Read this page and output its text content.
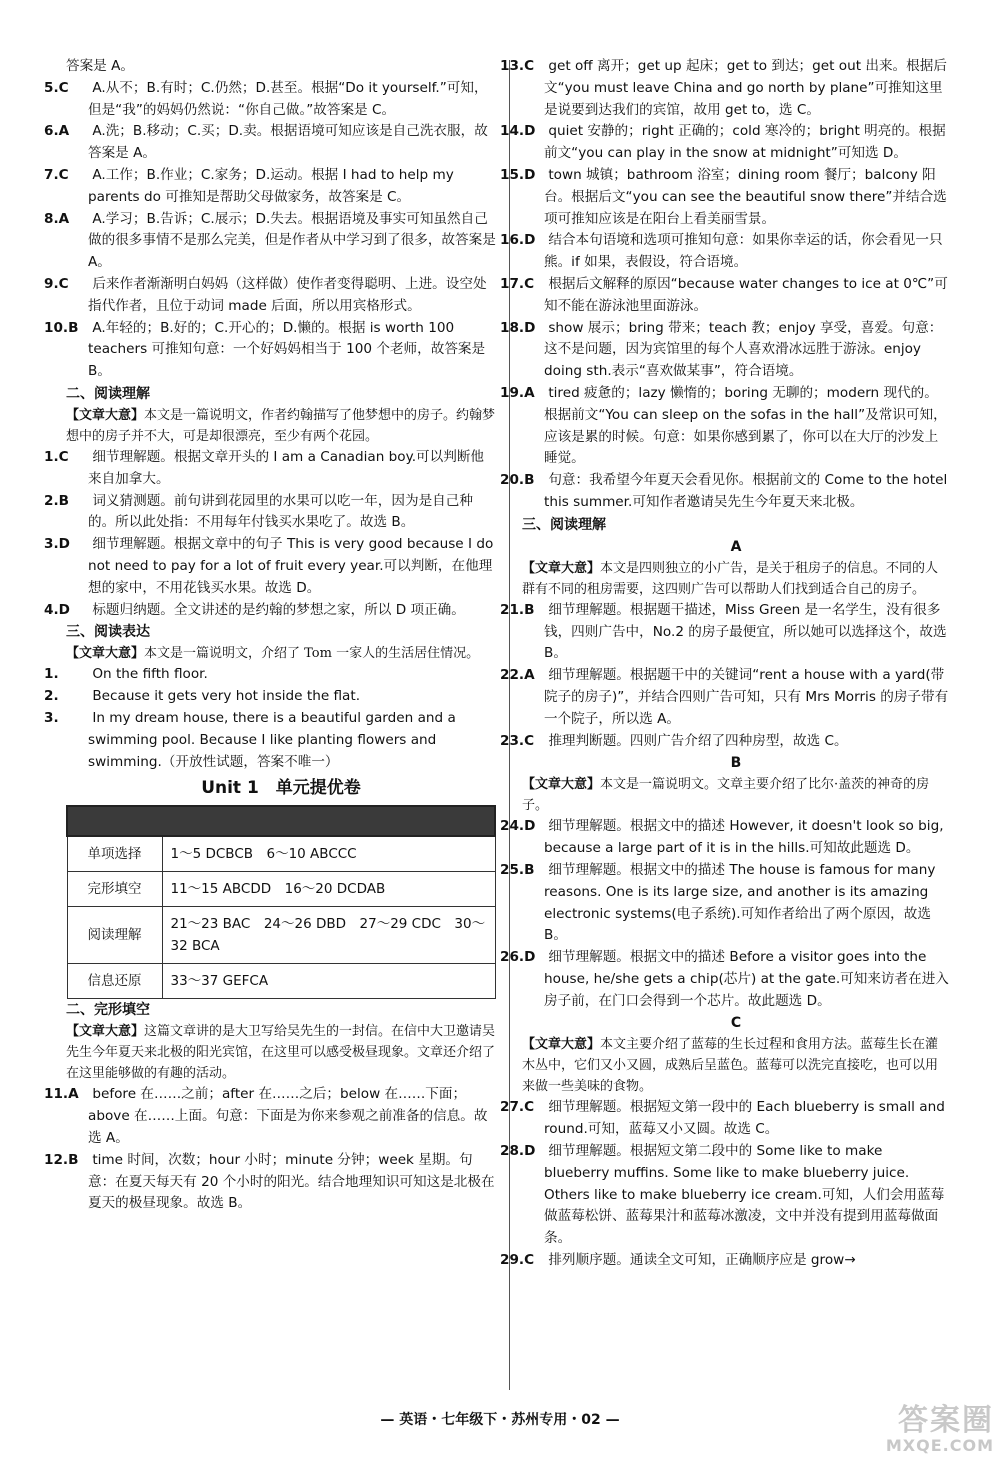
答案是 A。

5.C A.从不；B.有时；C.仍然；D.甚至。根据“Do it yourself.”可知，但是“我”的妈妈仍然说：“你自己做。”故答案是 C。

6.A A.洗；B.移动；C.买；D.卖。根据语境可知应该是自己洗衣服，故答案是 A。

7.C A.工作；B.作业；C.家务；D.运动。根据 I had to help my parents do 可推知是帮助父母做家务，故答案是 C。

8.A A.学习；B.告诉；C.展示；D.失去。根据语境及事实可知虽然自己做的很多事情不是那么完美，但是作者从中学习到了很多，故答案是 A。

9.C 后来作者渐渐明白妈妈（这样做）使作者变得聪明、上进。设空处指代作者，且位于动词 made 后面，所以用宾格形式。

10.B A.年轻的；B.好的；C.开心的；D.懒的。根据 is worth 100 teachers 可推知句意：一个好妈妈相当于 100 个老师，故答案是 B。

二、阅读理解

【文章大意】本文是一篇说明文，作者约翰描写了他梦想中的房子。约翰梦想中的房子并不大，可是却很漂亮，至少有两个花园。

1.C 细节理解题。根据文章开头的 I am a Canadian boy.可以判断他来自加拿大。

2.B 词义猜测题。前句讲到花园里的水果可以吃一年，因为是自己种的。所以此处指：不用每年付钱买水果吃了。故选 B。

3.D 细节理解题。根据文章中的句子 This is very good because I do not need to pay for a lot of fruit every year.可以判断，在他理想的家中，不用花钱买水果。故选 D。

4.D 标题归纳题。全文讲述的是约翰的梦想之家，所以 D 项正确。

三、阅读表达

【文章大意】本文是一篇说明文，介绍了 Tom 一家人的生活居住情况。

1. On the fifth floor.

2. Because it gets very hot inside the flat.

3. In my dream house, there is a beautiful garden and a swimming pool. Because I like planting flowers and swimming.（开放性试题，答案不唯一）

Unit 1　单元提优卷

单项选择	1～5 DCBCB　6～10 ABCCC
完形填空	11～15 ABCDD　16～20 DCDAB
阅读理解	21～23 BAC　24～26 DBD　27～29 CDC　30～32 BCA
信息还原	33～37 GEFCA

二、完形填空

【文章大意】这篇文章讲的是大卫写给吴先生的一封信。在信中大卫邀请吴先生今年夏天来北极的阳光宾馆，在这里可以感受极昼现象。文章还介绍了在这里能够做的有趣的活动。

11.A before 在……之前；after 在……之后；below 在……下面；above 在……上面。句意：下面是为你来参观之前准备的信息。故选 A。

12.B time 时间，次数；hour 小时；minute 分钟；week 星期。句意：在夏天每天有 20 个小时的阳光。结合地理知识可知这是北极在夏天的极昼现象。故选 B。

13.C get off 离开；get up 起床；get to 到达；get out 出来。根据后文“you must leave China and go north by plane”可推知这里是说要到达我们的宾馆，故用 get to，选 C。

14.D quiet 安静的；right 正确的；cold 寒冷的；bright 明亮的。根据前文“you can play in the snow at midnight”可知选 D。

15.D town 城镇；bathroom 浴室；dining room 餐厅；balcony 阳台。根据后文“you can see the beautiful snow there”并结合选项可推知应该是在阳台上看美丽雪景。

16.D 结合本句语境和选项可推知句意：如果你幸运的话，你会看见一只熊。if 如果，表假设，符合语境。

17.C 根据后文解释的原因“because water changes to ice at 0℃”可知不能在游泳池里面游泳。

18.D show 展示；bring 带来；teach 教；enjoy 享受，喜爱。句意：这不是问题，因为宾馆里的每个人喜欢滑冰远胜于游泳。enjoy doing sth.表示“喜欢做某事”，符合语境。

19.A tired 疲惫的；lazy 懒惰的；boring 无聊的；modern 现代的。根据前文“You can sleep on the sofas in the hall”及常识可知，应该是累的时候。句意：如果你感到累了，你可以在大厅的沙发上睡觉。

20.B 句意：我希望今年夏天会看见你。根据前文的 Come to the hotel this summer.可知作者邀请吴先生今年夏天来北极。

三、阅读理解

A

【文章大意】本文是四则独立的小广告，是关于租房子的信息。不同的人群有不同的租房需要，这四则广告可以帮助人们找到适合自己的房子。

21.B 细节理解题。根据题干描述，Miss Green 是一名学生，没有很多钱，四则广告中，No.2 的房子最便宜，所以她可以选择这个，故选 B。

22.A 细节理解题。根据题干中的关键词“rent a house with a yard(带院子的房子)”，并结合四则广告可知，只有 Mrs Morris 的房子带有一个院子，所以选 A。

23.C 推理判断题。四则广告介绍了四种房型，故选 C。

B

【文章大意】本文是一篇说明文。文章主要介绍了比尔·盖茨的神奇的房子。

24.D 细节理解题。根据文中的描述 However, it doesn't look so big, because a large part of it is in the hills.可知故此题选 D。

25.B 细节理解题。根据文中的描述 The house is famous for many reasons. One is its large size, and another is its amazing electronic systems(电子系统).可知作者给出了两个原因，故选 B。

26.D 细节理解题。根据文中的描述 Before a visitor goes into the house, he/she gets a chip(芯片) at the gate.可知来访者在进入房子前，在门口会得到一个芯片。故此题选 D。

C

【文章大意】本文主要介绍了蓝莓的生长过程和食用方法。蓝莓生长在灌木丛中，它们又小又圆，成熟后呈蓝色。蓝莓可以洗完直接吃，也可以用来做一些美味的食物。

27.C 细节理解题。根据短文第一段中的 Each blueberry is small and round.可知，蓝莓又小又圆。故选 C。

28.D 细节理解题。根据短文第二段中的 Some like to make blueberry muffins. Some like to make blueberry juice. Others like to make blueberry ice cream.可知，人们会用蓝莓做蓝莓松饼、蓝莓果汁和蓝莓冰激凌，文中并没有提到用蓝莓做面条。

29.C 排列顺序题。通读全文可知，正确顺序应是 grow→

— 英语・七年级下・苏州专用・02 —	答案圈
MXQE.COM
